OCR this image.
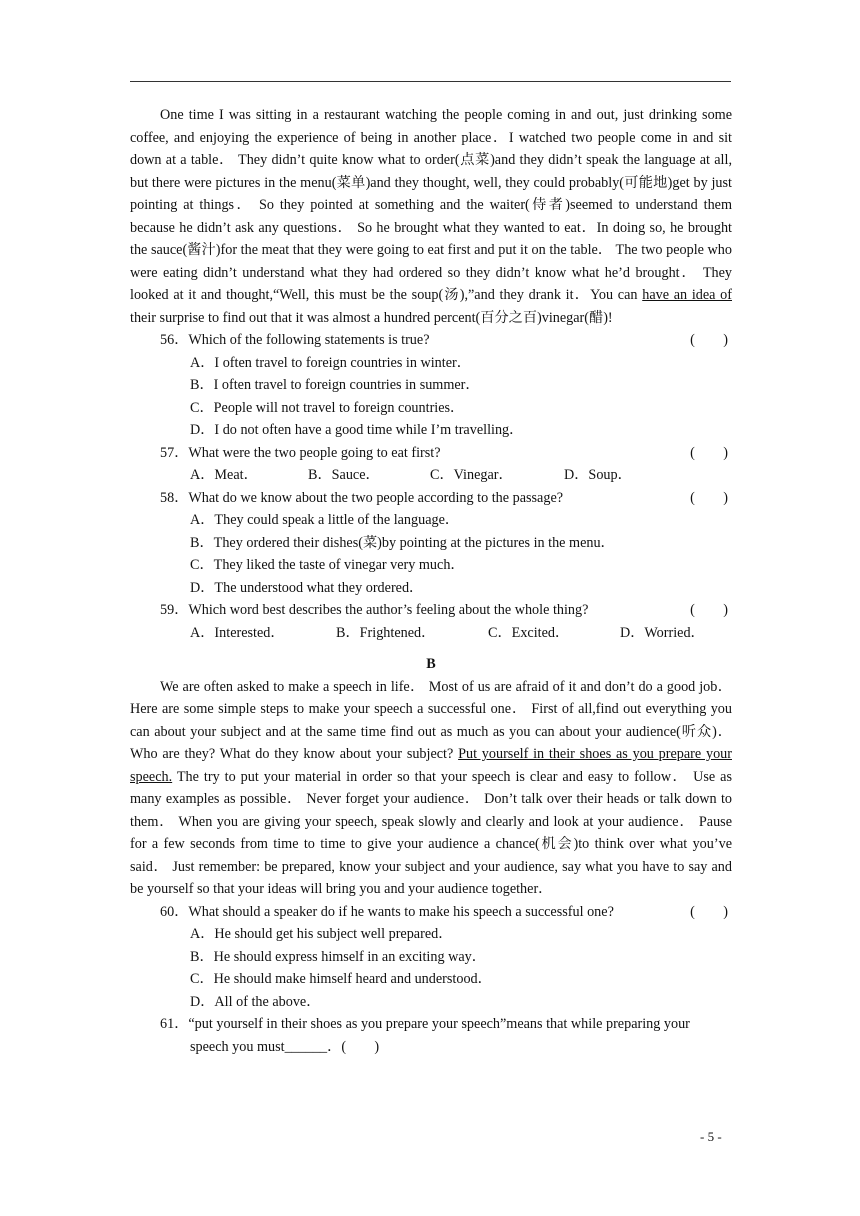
One time I was sitting in a restaurant watching the people coming in and out, just drinking some coffee, and enjoying the experience of being in another place．I watched two people come in and sit down at a table． They didn’t quite know what to order(点菜)and they didn’t speak the language at all, but there were pictures in the menu(菜单)and they thought, well, they could probably(可能地)get by just pointing at things． So they pointed at something and the waiter(侍者)seemed to understand them because he didn’t ask any questions． So he brought what they wanted to eat．In doing so, he brought the sauce(酱汁)for the meat that they were going to eat first and put it on the table． The two people who were eating didn’t understand what they had ordered so they didn’t know what he’d brought． They looked at it and thought,“Well, this must be the soup(汤),”and they drank it．You can have an idea of their surprise to find out that it was almost a hundred percent(百分之百)vinegar(醋)!

56．Which of the following statements is true?	(　　)
A．I often travel to foreign countries in winter．
B．I often travel to foreign countries in summer．
C．People will not travel to foreign countries．
D．I do not often have a good time while I’m travelling．
57．What were the two people going to eat first?	(　　)
A．Meat．	B．Sauce．	C．Vinegar．	D．Soup．
58．What do we know about the two people according to the passage?	(　　)
A．They could speak a little of the language．
B．They ordered their dishes(菜)by pointing at the pictures in the menu．
C．They liked the taste of vinegar very much．
D．The understood what they ordered．
59．Which word best describes the author’s feeling about the whole thing?	(　　)
A．Interested．	B．Frightened．	C．Excited．	D．Worried．
B

We are often asked to make a speech in life． Most of us are afraid of it and don’t do a good job． Here are some simple steps to make your speech a successful one． First of all,find out everything you can about your subject and at the same time find out as much as you can about your audience(听众)． Who are they? What do they know about your subject? Put yourself in their shoes as you prepare your speech. The try to put your material in order so that your speech is clear and easy to follow． Use as many examples as possible． Never forget your audience． Don’t talk over their heads or talk down to them． When you are giving your speech, speak slowly and clearly and look at your audience． Pause for a few seconds from time to time to give your audience a chance(机会)to think over what you’ve said． Just remember: be prepared, know your subject and your audience, say what you have to say and be yourself so that your ideas will bring you and your audience together．

60．What should a speaker do if he wants to make his speech a successful one?	(　　)
A．He should get his subject well prepared．
B．He should express himself in an exciting way．
C．He should make himself heard and understood．
D．All of the above．
61．“put yourself in their shoes as you prepare your speech”means that while preparing your
speech you must______．(　　)
- 5 -
